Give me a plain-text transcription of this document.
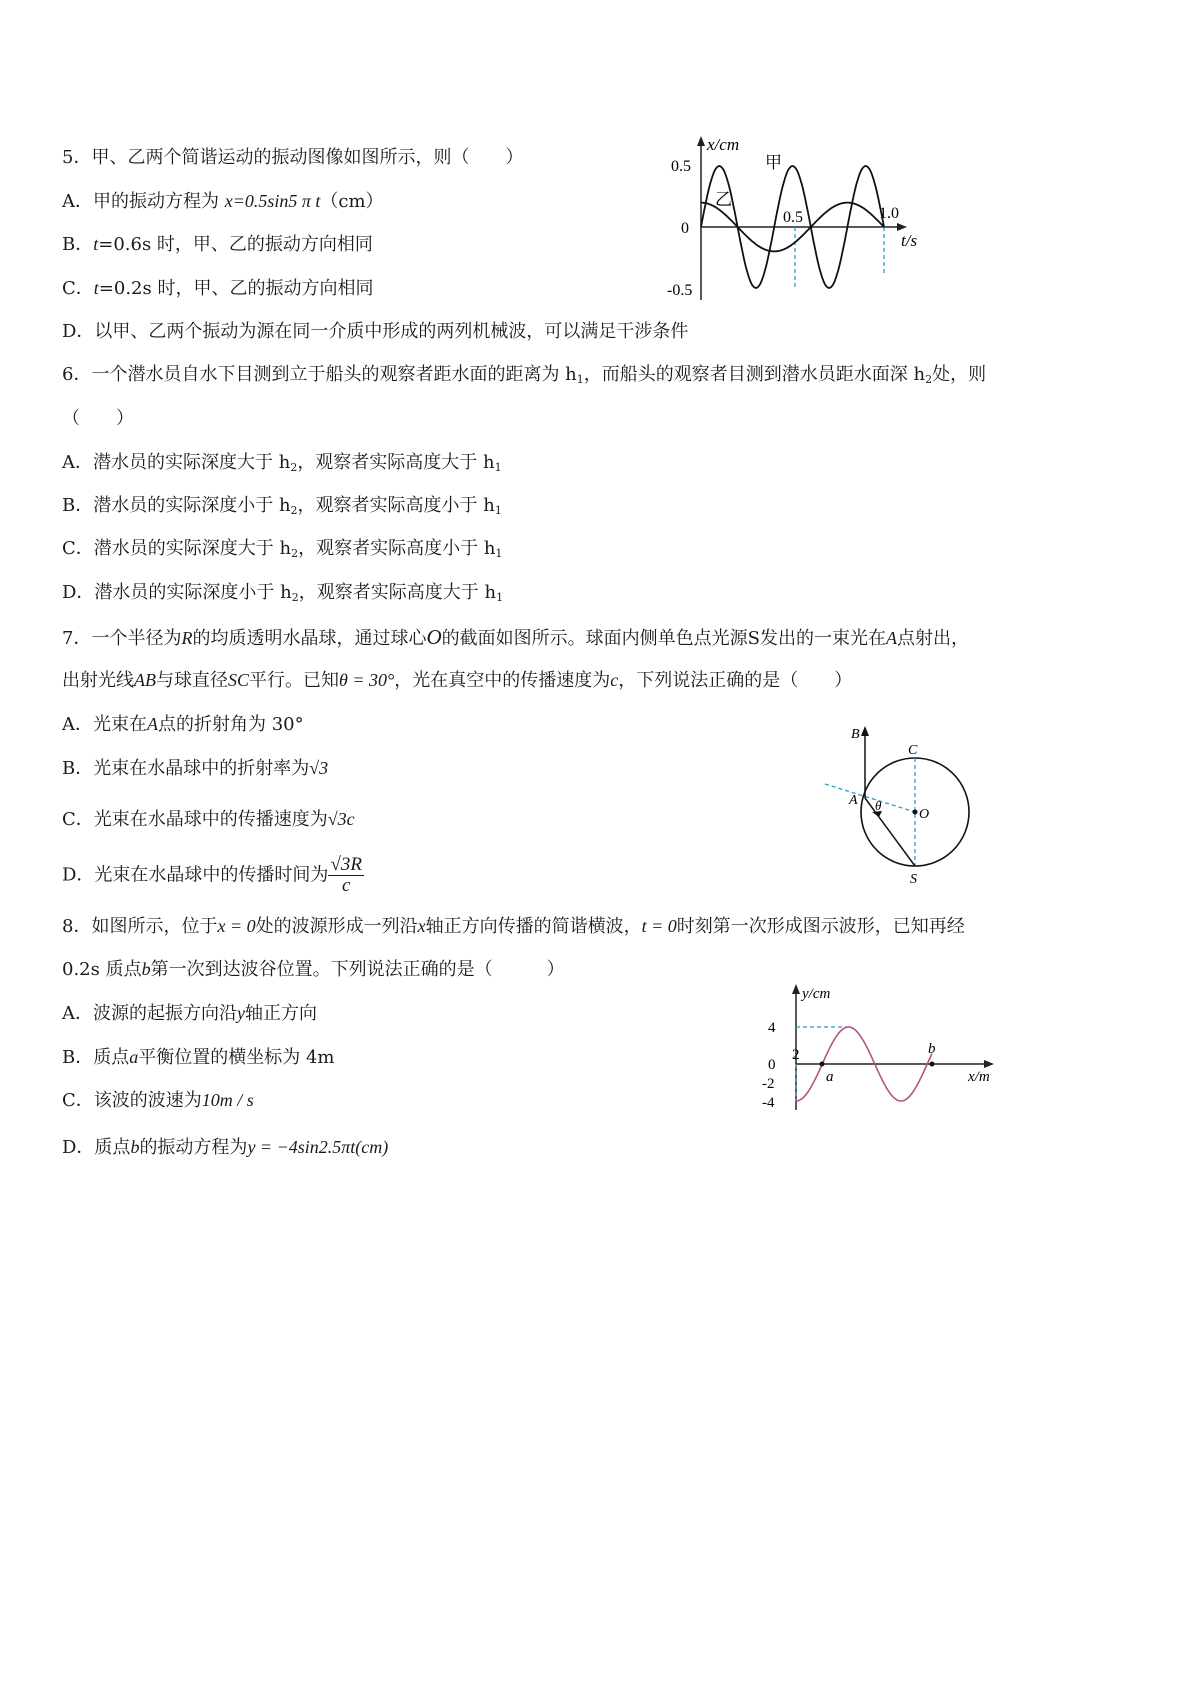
5．甲、乙两个简谐运动的振动图像如图所示，则（　　）
A．甲的振动方程为 x=0.5sin5 π t（cm）
B．t=0.6s 时，甲、乙的振动方向相同
C．t=0.2s 时，甲、乙的振动方向相同
D．以甲、乙两个振动为源在同一介质中形成的两列机械波，可以满足干涉条件
x/cm
t/s
0.5
0
-0.5
0.5	1.0
甲
乙
6．一个潜水员自水下目测到立于船头的观察者距水面的距离为 $h_1$，而船头的观察者目测到潜水员距水面深 $h_2$处，则
（　　）
A．潜水员的实际深度大于 $h_2$，观察者实际高度大于 $h_1$
B．潜水员的实际深度小于 $h_2$，观察者实际高度小于 $h_1$
C．潜水员的实际深度大于 $h_2$，观察者实际高度小于 $h_1$
D．潜水员的实际深度小于 $h_2$，观察者实际高度大于 $h_1$
7．一个半径为R的均质透明水晶球，通过球心O的截面如图所示。球面内侧单色点光源S发出的一束光在A点射出，
出射光线AB与球直径SC平行。已知θ = 30°，光在真空中的传播速度为c，下列说法正确的是（　　）
A．光束在A点的折射角为 30°
B．光束在水晶球中的折射率为√3
C．光束在水晶球中的传播速度为√3c
D．光束在水晶球中的传播时间为 $\frac{√3R}{c}$
B
C
A θ
O
S
8．如图所示，位于x = 0处的波源形成一列沿x轴正方向传播的简谐横波，t = 0时刻第一次形成图示波形，已知再经
0.2s 质点b第一次到达波谷位置。下列说法正确的是（　　　）
A．波源的起振方向沿y轴正方向
B．质点a平衡位置的横坐标为 4m
C．该波的波速为10m / s
D．质点b的振动方程为y = −4sin2.5πt(cm)
y/cm
x/m
4
0
-2
-4
2
a
b
